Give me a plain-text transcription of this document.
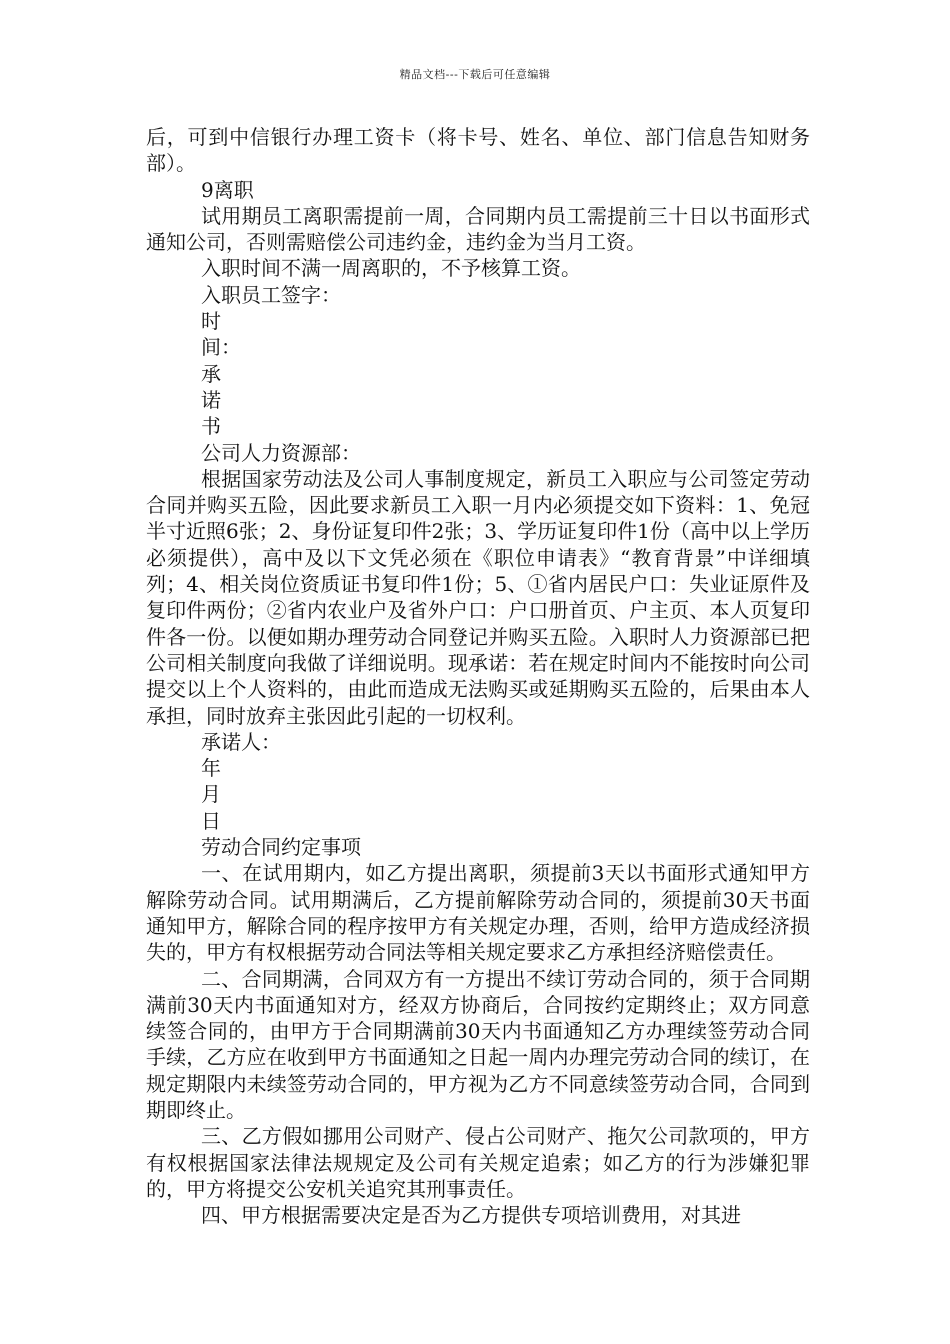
精品文档---下载后可任意编辑

后，可到中信银行办理工资卡（将卡号、姓名、单位、部门信息告知财务部）。

9离职

试用期员工离职需提前一周，合同期内员工需提前三十日以书面形式通知公司，否则需赔偿公司违约金，违约金为当月工资。

入职时间不满一周离职的，不予核算工资。

入职员工签字：

时

间：

承

诺

书

公司人力资源部：

根据国家劳动法及公司人事制度规定，新员工入职应与公司签定劳动合同并购买五险，因此要求新员工入职一月内必须提交如下资料：1、免冠半寸近照6张；2、身份证复印件2张；3、学历证复印件1份（高中以上学历必须提供），高中及以下文凭必须在《职位申请表》“教育背景”中详细填列；4、相关岗位资质证书复印件1份；5、①省内居民户口：失业证原件及复印件两份；②省内农业户及省外户口：户口册首页、户主页、本人页复印件各一份。以便如期办理劳动合同登记并购买五险。入职时人力资源部已把公司相关制度向我做了详细说明。现承诺：若在规定时间内不能按时向公司提交以上个人资料的，由此而造成无法购买或延期购买五险的，后果由本人承担，同时放弃主张因此引起的一切权利。

承诺人：

年

月

日

劳动合同约定事项

一、在试用期内，如乙方提出离职，须提前3天以书面形式通知甲方解除劳动合同。试用期满后，乙方提前解除劳动合同的，须提前30天书面通知甲方，解除合同的程序按甲方有关规定办理，否则，给甲方造成经济损失的，甲方有权根据劳动合同法等相关规定要求乙方承担经济赔偿责任。

二、合同期满，合同双方有一方提出不续订劳动合同的，须于合同期满前30天内书面通知对方，经双方协商后，合同按约定期终止；双方同意续签合同的，由甲方于合同期满前30天内书面通知乙方办理续签劳动合同手续，乙方应在收到甲方书面通知之日起一周内办理完劳动合同的续订，在规定期限内未续签劳动合同的，甲方视为乙方不同意续签劳动合同，合同到期即终止。

三、乙方假如挪用公司财产、侵占公司财产、拖欠公司款项的，甲方有权根据国家法律法规规定及公司有关规定追索；如乙方的行为涉嫌犯罪的，甲方将提交公安机关追究其刑事责任。

四、甲方根据需要决定是否为乙方提供专项培训费用，对其进
